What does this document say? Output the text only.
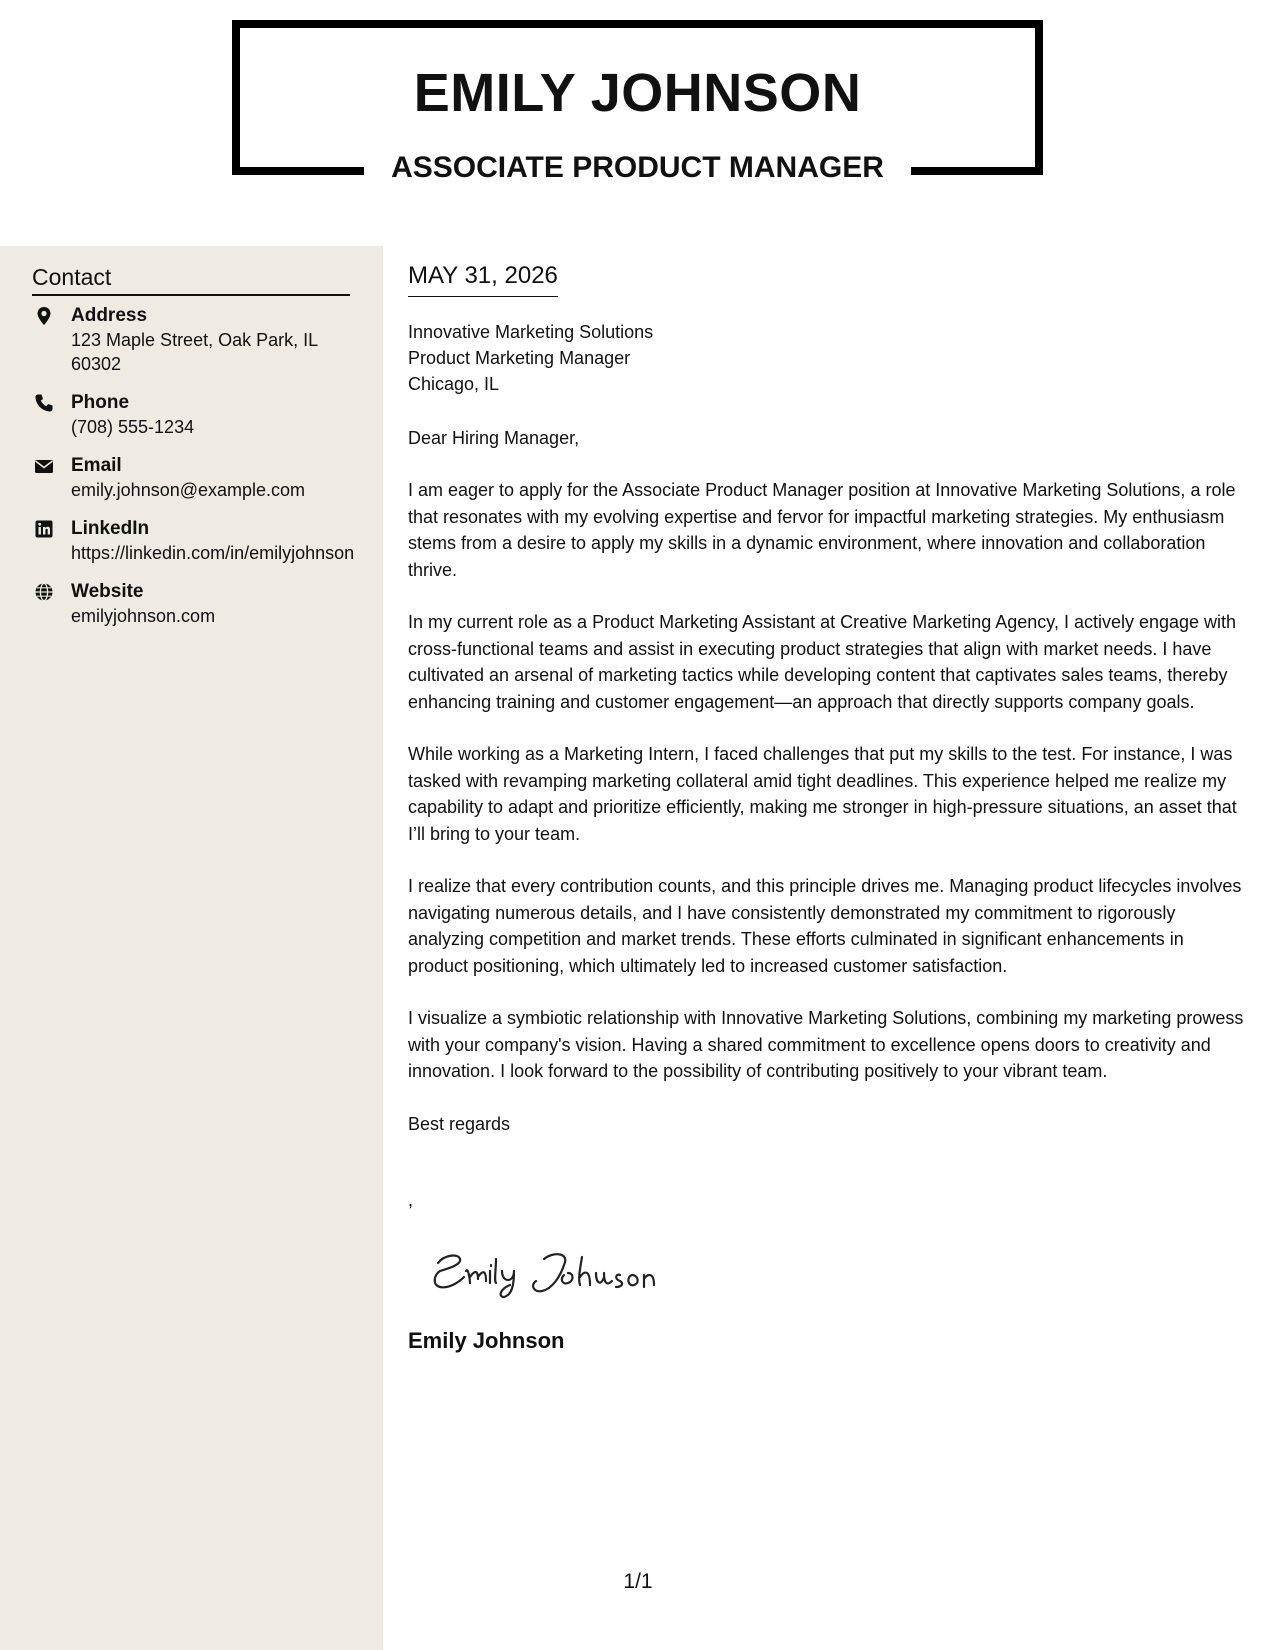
EMILY JOHNSON
ASSOCIATE PRODUCT MANAGER
Contact
Address
123 Maple Street, Oak Park, IL 60302
Phone
(708) 555-1234
Email
emily.johnson@example.com
LinkedIn
https://linkedin.com/in/emilyjohnson
Website
emilyjohnson.com
MAY 31, 2026
Innovative Marketing Solutions
Product Marketing Manager
Chicago, IL
Dear Hiring Manager,

I am eager to apply for the Associate Product Manager position at Innovative Marketing Solutions, a role that resonates with my evolving expertise and fervor for impactful marketing strategies. My enthusiasm stems from a desire to apply my skills in a dynamic environment, where innovation and collaboration thrive.

In my current role as a Product Marketing Assistant at Creative Marketing Agency, I actively engage with cross-functional teams and assist in executing product strategies that align with market needs. I have cultivated an arsenal of marketing tactics while developing content that captivates sales teams, thereby enhancing training and customer engagement—an approach that directly supports company goals.

While working as a Marketing Intern, I faced challenges that put my skills to the test. For instance, I was tasked with revamping marketing collateral amid tight deadlines. This experience helped me realize my capability to adapt and prioritize efficiently, making me stronger in high-pressure situations, an asset that I’ll bring to your team.

I realize that every contribution counts, and this principle drives me. Managing product lifecycles involves navigating numerous details, and I have consistently demonstrated my commitment to rigorously analyzing competition and market trends. These efforts culminated in significant enhancements in product positioning, which ultimately led to increased customer satisfaction.

I visualize a symbiotic relationship with Innovative Marketing Solutions, combining my marketing prowess with your company's vision. Having a shared commitment to excellence opens doors to creativity and innovation. I look forward to the possibility of contributing positively to your vibrant team.

Best regards
,
Emily Johnson
1/1
